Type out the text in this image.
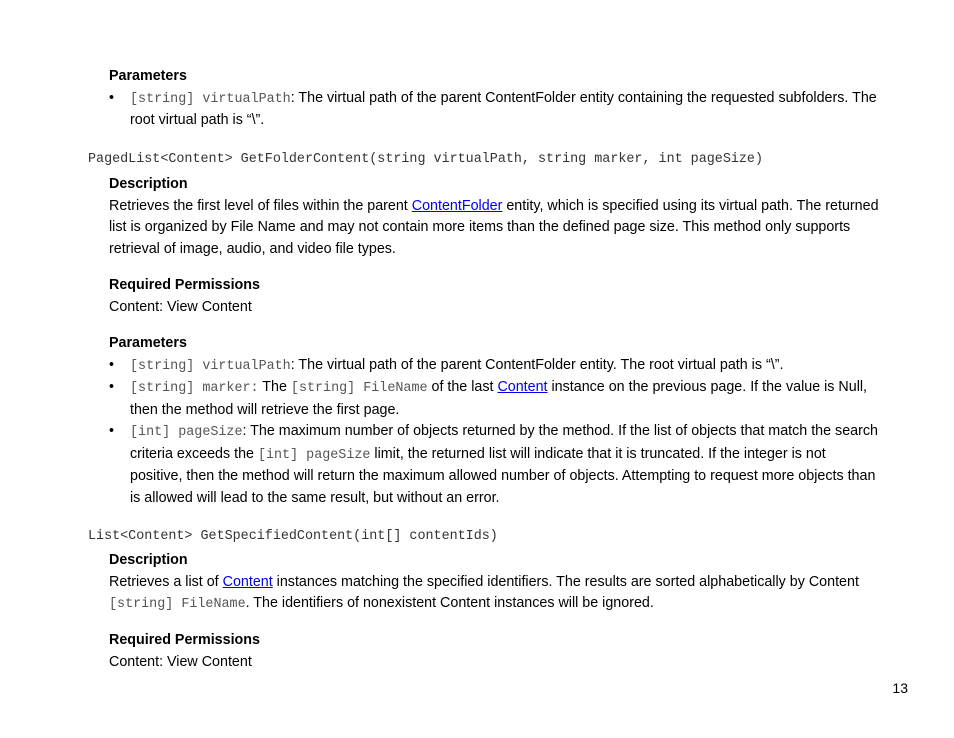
Parameters
• [string] virtualPath: The virtual path of the parent ContentFolder entity containing the requested subfolders. The root virtual path is “\”.
PagedList<Content> GetFolderContent(string virtualPath, string marker, int pageSize)
Description

Retrieves the first level of files within the parent ContentFolder entity, which is specified using its virtual path. The returned list is organized by File Name and may not contain more items than the defined page size. This method only supports retrieval of image, audio, and video file types.

Required Permissions

Content: View Content

Parameters
• [string] virtualPath: The virtual path of the parent ContentFolder entity. The root virtual path is “\”.
• [string] marker: The [string] FileName of the last Content instance on the previous page. If the value is Null, then the method will retrieve the first page.
• [int] pageSize: The maximum number of objects returned by the method. If the list of objects that match the search criteria exceeds the [int] pageSize limit, the returned list will indicate that it is truncated. If the integer is not positive, then the method will return the maximum allowed number of objects. Attempting to request more objects than is allowed will lead to the same result, but without an error.
List<Content> GetSpecifiedContent(int[] contentIds)
Description

Retrieves a list of Content instances matching the specified identifiers. The results are sorted alphabetically by Content [string] FileName. The identifiers of nonexistent Content instances will be ignored.

Required Permissions

Content: View Content

13
